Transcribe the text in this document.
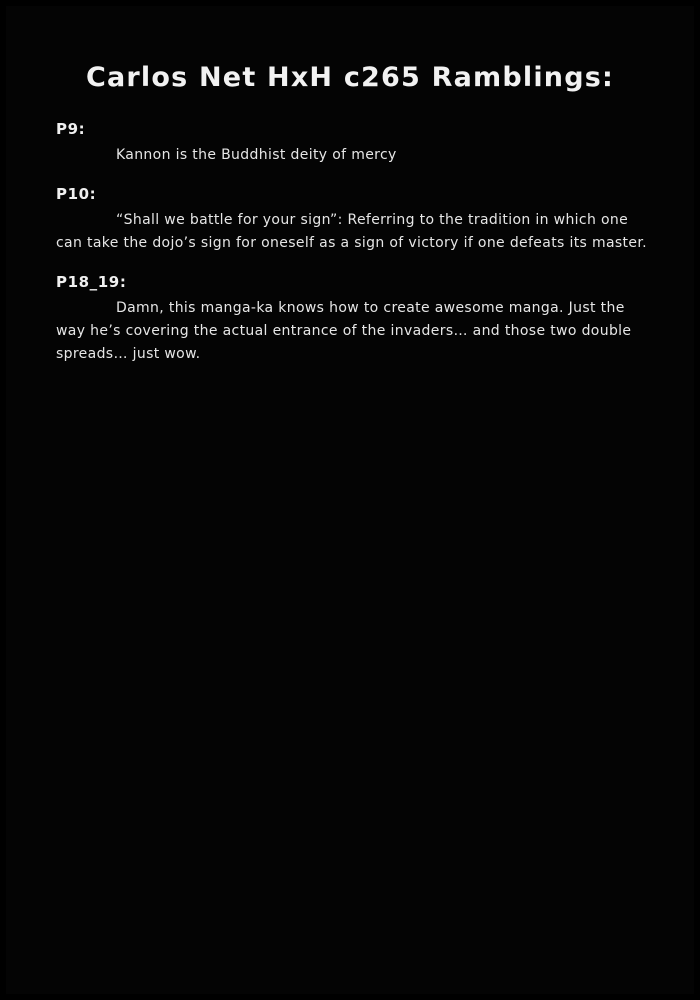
Carlos Net HxH c265 Ramblings:
P9:
Kannon is the Buddhist deity of mercy
P10:
“Shall we battle for your sign”: Referring to the tradition in which one can take the dojo’s sign for oneself as a sign of victory if one defeats its master.
P18_19:
Damn, this manga-ka knows how to create awesome manga. Just the way he’s covering the actual entrance of the invaders… and those two double spreads… just wow.
